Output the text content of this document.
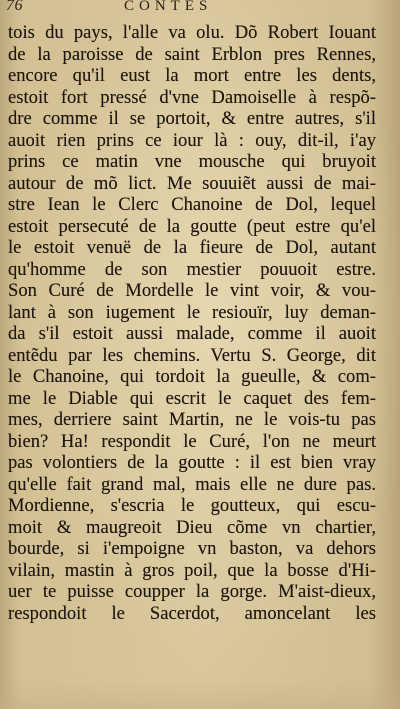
76	CONTES
tois du pays, l'alle va olu. Dõ Robert Iouant
de la paroisse de saint Erblon pres Rennes,
encore qu'il eust la mort entre les dents,
estoit fort pressé d'vne Damoiselle à respõ-
dre comme il se portoit, & entre autres, s'il
auoit rien prins ce iour là : ouy, dit-il, i'ay
prins ce matin vne mousche qui bruyoit
autour de mõ lict. Me souuiẽt aussi de mai-
stre Iean le Clerc Chanoine de Dol, lequel
estoit persecuté de la goutte (peut estre qu'el
le estoit venuë de la fieure de Dol, autant
qu'homme de son mestier pouuoit estre.
Son Curé de Mordelle le vint voir, & vou-
lant à son iugement le resiouïr, luy deman-
da s'il estoit aussi malade, comme il auoit
entẽdu par les chemins. Vertu S. George, dit
le Chanoine, qui tordoit la gueulle, & com-
me le Diable qui escrit le caquet des fem-
mes, derriere saint Martin, ne le vois-tu pas
bien? Ha! respondit le Curé, l'on ne meurt
pas volontiers de la goutte : il est bien vray
qu'elle fait grand mal, mais elle ne dure pas.
Mordienne, s'escria le goutteux, qui escu-
moit & maugreoit Dieu cõme vn chartier,
bourde, si i'empoigne vn baston, va dehors
vilain, mastin à gros poil, que la bosse d'Hi-
uer te puisse coupper la gorge. M'aist-dieux,
respondoit le Sacerdot, amoncelant les
